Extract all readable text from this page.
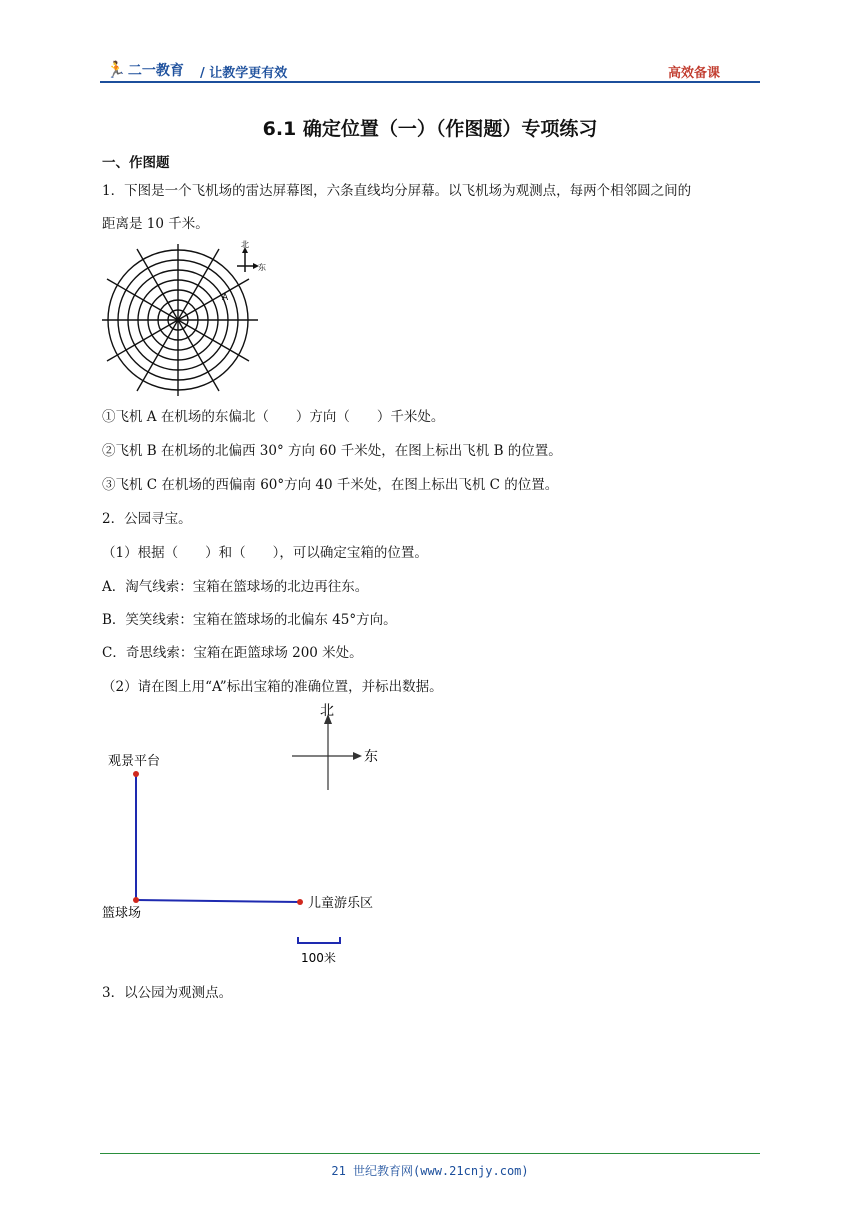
🏃 二一教育 / 让教学更有效	高效备课
6.1 确定位置（一）（作图题）专项练习
一、作图题
1．下图是一个飞机场的雷达屏幕图，六条直线均分屏幕。以飞机场为观测点，每两个相邻圆之间的
距离是 10 千米。
A
北
东
①飞机 A 在机场的东偏北（　　）方向（　　）千米处。
②飞机 B 在机场的北偏西 30° 方向 60 千米处，在图上标出飞机 B 的位置。
③飞机 C 在机场的西偏南 60°方向 40 千米处，在图上标出飞机 C 的位置。
2．公园寻宝。
（1）根据（　　）和（　　），可以确定宝箱的位置。
A．淘气线索：宝箱在篮球场的北边再往东。
B．笑笑线索：宝箱在篮球场的北偏东 45°方向。
C．奇思线索：宝箱在距篮球场 200 米处。
（2）请在图上用“A”标出宝箱的准确位置，并标出数据。
北
东
观景平台
篮球场
儿童游乐区
100米
3．以公园为观测点。
21 世纪教育网(www.21cnjy.com)
